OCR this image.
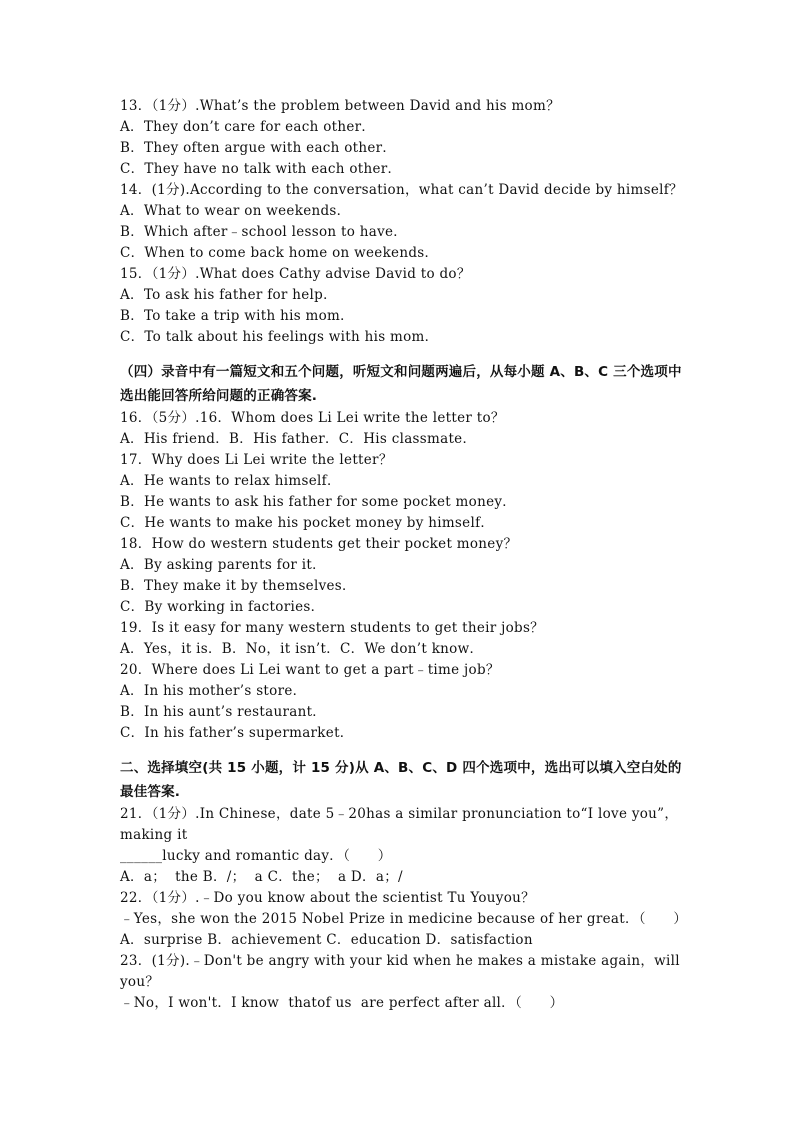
13．（1分）.What’s the problem between David and his mom？
A．They don’t care for each other．
B．They often argue with each other．
C．They have no talk with each other．
14．(1分).According to the conversation，what can’t David decide by himself？
A．What to wear on weekends．
B．Which after﹣school lesson to have．
C．When to come back home on weekends．
15．（1分）.What does Cathy advise David to do？
A．To ask his father for help．
B．To take a trip with his mom．
C．To talk about his feelings with his mom．
（四）录音中有一篇短文和五个问题，听短文和问题两遍后，从每小题 A、B、C 三个选项中选出能回答所给问题的正确答案.
16．（5分）.16．Whom does Li Lei write the letter to？
A．His friend．B．His father．C．His classmate．
17．Why does Li Lei write the letter？
A．He wants to relax himself．
B．He wants to ask his father for some pocket money．
C．He wants to make his pocket money by himself．
18．How do western students get their pocket money？
A．By asking parents for it．
B．They make it by themselves．
C．By working in factories．
19．Is it easy for many western students to get their jobs？
A．Yes，it is．B．No，it isn’t．C．We don’t know．
20．Where does Li Lei want to get a part﹣time job？
A．In his mother’s store．
B．In his aunt’s restaurant．
C．In his father’s supermarket．
二、选择填空(共 15 小题，计 15 分)从 A、B、C、D 四个选项中，选出可以填入空白处的最佳答案.
21．（1分）.In Chinese，date 5﹣20has a similar pronunciation to“I love you”，making it
______lucky and romantic day．（　　）
A．a；  the B．/；  a C．the；  a D．a；/
22．（1分）.﹣Do you know about the scientist Tu Youyou？
﹣Yes，she won the 2015 Nobel Prize in medicine because of her great．（　　）
A．surprise B．achievement C．education D．satisfaction
23．(1分).﹣Don't be angry with your kid when he makes a mistake again，will you？
﹣No，I won't．I know  thatof us  are perfect after all．（　　）
